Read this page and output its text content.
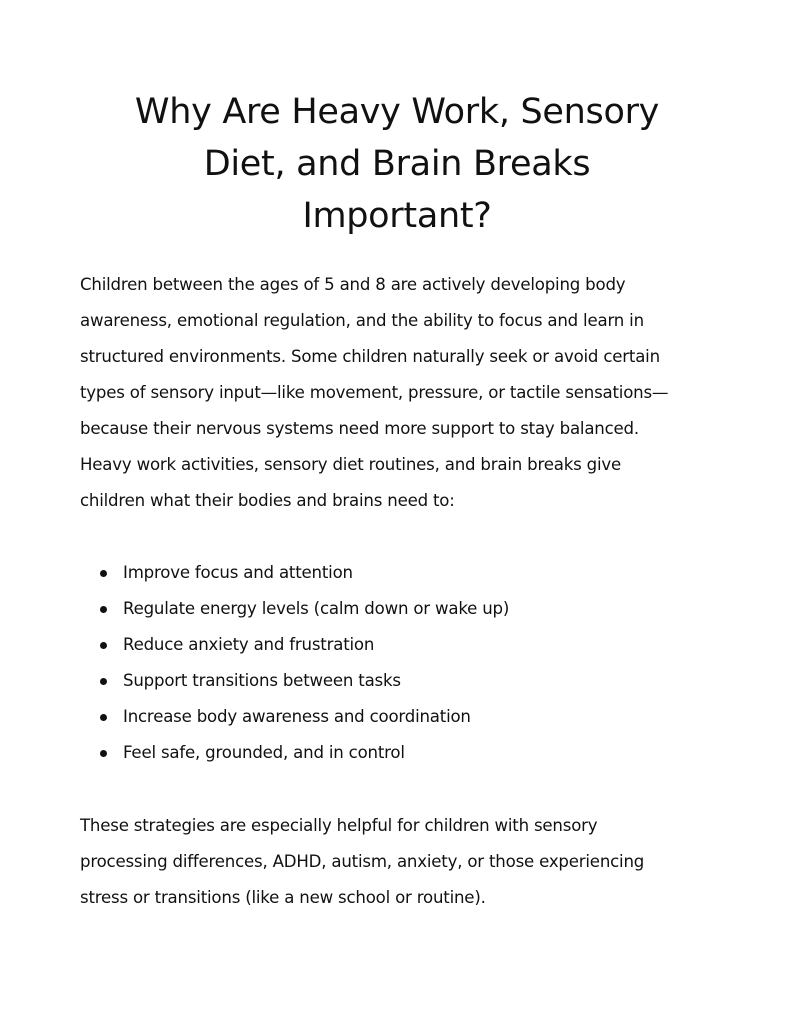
Why Are Heavy Work, Sensory
Diet, and Brain Breaks
Important?

Children between the ages of 5 and 8 are actively developing body
awareness, emotional regulation, and the ability to focus and learn in
structured environments. Some children naturally seek or avoid certain
types of sensory input—like movement, pressure, or tactile sensations—
because their nervous systems need more support to stay balanced.
Heavy work activities, sensory diet routines, and brain breaks give
children what their bodies and brains need to:

Improve focus and attention
Regulate energy levels (calm down or wake up)
Reduce anxiety and frustration
Support transitions between tasks
Increase body awareness and coordination
Feel safe, grounded, and in control

These strategies are especially helpful for children with sensory
processing differences, ADHD, autism, anxiety, or those experiencing
stress or transitions (like a new school or routine).
